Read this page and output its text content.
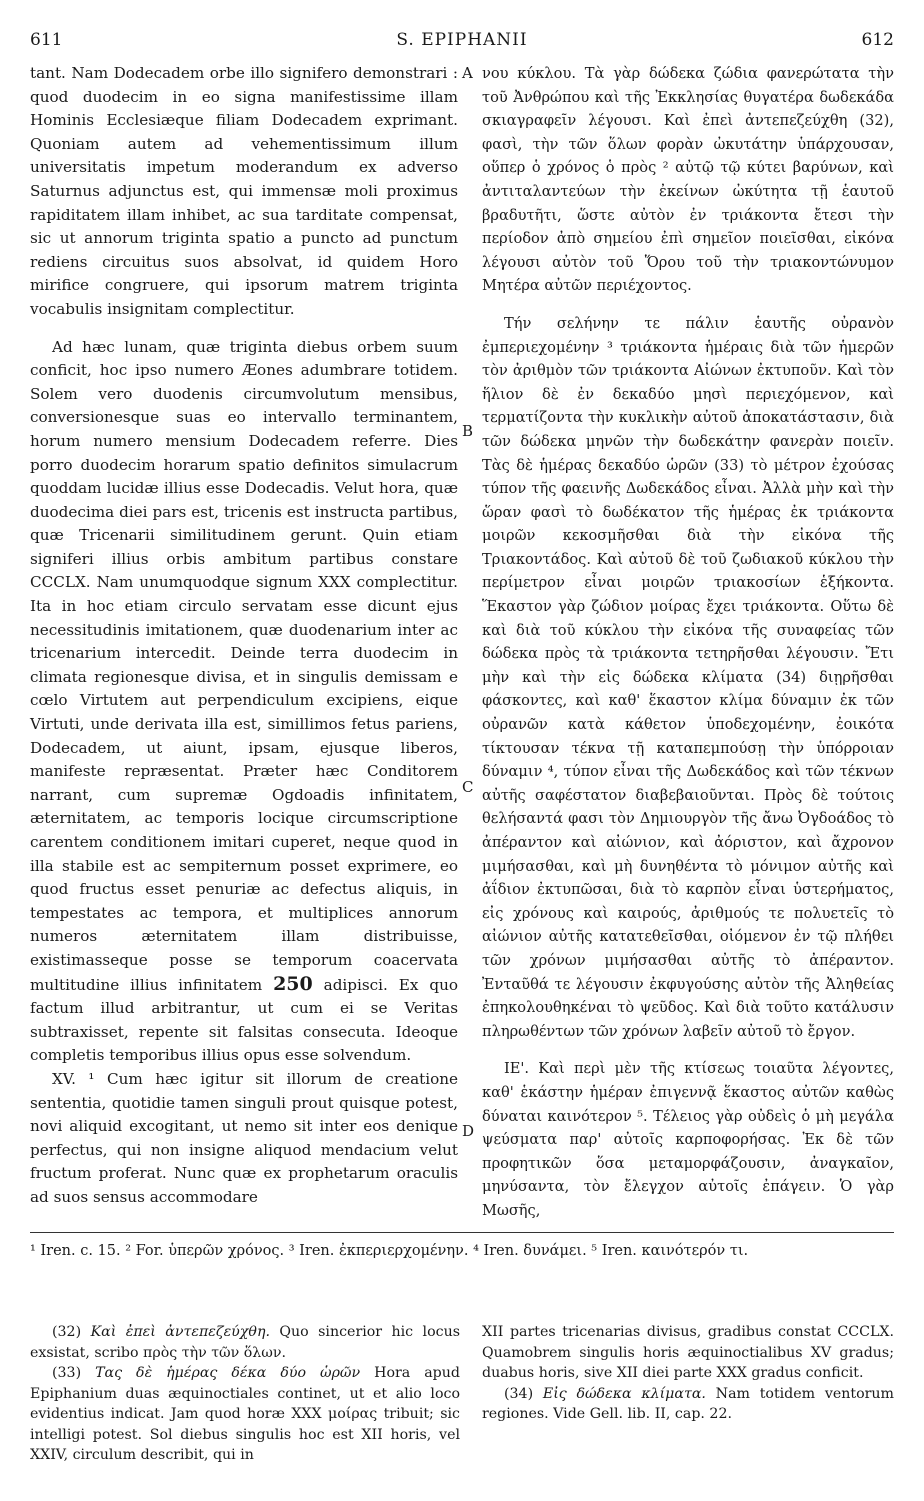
611	S. EPIPHANII	612
A
B
C
D

tant. Nam Dodecadem orbe illo signifero demonstrari : quod duodecim in eo signa manifestissime illam Hominis Ecclesiæque filiam Dodecadem exprimant. Quoniam autem ad vehementissimum illum universitatis impetum moderandum ex adverso Saturnus adjunctus est, qui immensæ moli proximus rapiditatem illam inhibet, ac sua tarditate compensat, sic ut annorum triginta spatio a puncto ad punctum rediens circuitus suos absolvat, id quidem Horo mirifice congruere, qui ipsorum matrem triginta vocabulis insignitam complectitur.

Ad hæc lunam, quæ triginta diebus orbem suum conficit, hoc ipso numero Æones adumbrare totidem. Solem vero duodenis circumvolutum mensibus, conversionesque suas eo intervallo terminantem, horum numero mensium Dodecadem referre. Dies porro duodecim horarum spatio definitos simulacrum quoddam lucidæ illius esse Dodecadis. Velut hora, quæ duodecima diei pars est, tricenis est instructa partibus, quæ Tricenarii similitudinem gerunt. Quin etiam signiferi illius orbis ambitum partibus constare CCCLX. Nam unumquodque signum XXX complectitur. Ita in hoc etiam circulo servatam esse dicunt ejus necessitudinis imitationem, quæ duodenarium inter ac tricenarium intercedit. Deinde terra duodecim in climata regionesque divisa, et in singulis demissam e cœlo Virtutem aut perpendiculum excipiens, eique Virtuti, unde derivata illa est, simillimos fetus pariens, Dodecadem, ut aiunt, ipsam, ejusque liberos, manifeste repræsentat. Præter hæc Conditorem narrant, cum supremæ Ogdoadis infinitatem, æternitatem, ac temporis locique circumscriptione carentem conditionem imitari cuperet, neque quod in illa stabile est ac sempiternum posset exprimere, eo quod fructus esset penuriæ ac defectus aliquis, in tempestates ac tempora, et multiplices annorum numeros æternitatem illam distribuisse, existimasseque posse se temporum coacervata multitudine illius infinitatem 250 adipisci. Ex quo factum illud arbitrantur, ut cum ei se Veritas subtraxisset, repente sit falsitas consecuta. Ideoque completis temporibus illius opus esse solvendum.

XV. ¹ Cum hæc igitur sit illorum de creatione sententia, quotidie tamen singuli prout quisque potest, novi aliquid excogitant, ut nemo sit inter eos denique perfectus, qui non insigne aliquod mendacium velut fructum proferat. Nunc quæ ex prophetarum oraculis ad suos sensus accommodare

νου κύκλου. Τὰ γὰρ δώδεκα ζώδια φανερώτατα τὴν τοῦ Ἀνθρώπου καὶ τῆς Ἐκκλησίας θυγατέρα δωδεκάδα σκιαγραφεῖν λέγουσι. Καὶ ἐπεὶ ἀντεπεζεύχθη (32), φασὶ, τὴν τῶν ὅλων φορὰν ὠκυτάτην ὑπάρχουσαν, οὕπερ ὁ χρόνος ὁ πρὸς ² αὐτῷ τῷ κύτει βαρύνων, καὶ ἀντιταλαντεύων τὴν ἐκείνων ὠκύτητα τῇ ἑαυτοῦ βραδυτῆτι, ὥστε αὐτὸν ἐν τριάκοντα ἔτεσι τὴν περίοδον ἀπὸ σημείου ἐπὶ σημεῖον ποιεῖσθαι, εἰκόνα λέγουσι αὐτὸν τοῦ Ὅρου τοῦ τὴν τριακοντώνυμον Μητέρα αὐτῶν περιέχοντος.

Τήν σελήνην τε πάλιν ἑαυτῆς οὐρανὸν ἐμπεριεχομένην ³ τριάκοντα ἡμέραις διὰ τῶν ἡμερῶν τὸν ἀριθμὸν τῶν τριάκοντα Αἰώνων ἐκτυποῦν. Καὶ τὸν ἥλιον δὲ ἐν δεκαδύο μησὶ περιεχόμενον, καὶ τερματίζοντα τὴν κυκλικὴν αὐτοῦ ἀποκατάστασιν, διὰ τῶν δώδεκα μηνῶν τὴν δωδεκάτην φανερὰν ποιεῖν. Τὰς δὲ ἡμέρας δεκαδύο ὡρῶν (33) τὸ μέτρον ἐχούσας τύπον τῆς φαεινῆς Δωδεκάδος εἶναι. Ἀλλὰ μὴν καὶ τὴν ὥραν φασὶ τὸ δωδέκατον τῆς ἡμέρας ἐκ τριάκοντα μοιρῶν κεκοσμῆσθαι διὰ τὴν εἰκόνα τῆς Τριακοντάδος. Καὶ αὐτοῦ δὲ τοῦ ζωδιακοῦ κύκλου τὴν περίμετρον εἶναι μοιρῶν τριακοσίων ἑξήκοντα. Ἕκαστον γὰρ ζώδιον μοίρας ἔχει τριάκοντα. Οὕτω δὲ καὶ διὰ τοῦ κύκλου τὴν εἰκόνα τῆς συναφείας τῶν δώδεκα πρὸς τὰ τριάκοντα τετηρῆσθαι λέγουσιν. Ἔτι μὴν καὶ τὴν εἰς δώδεκα κλίματα (34) διῃρῆσθαι φάσκοντες, καὶ καθ' ἕκαστον κλίμα δύναμιν ἐκ τῶν οὐρανῶν κατὰ κάθετον ὑποδεχομένην, ἐοικότα τίκτουσαν τέκνα τῇ καταπεμπούσῃ τὴν ὑπόρροιαν δύναμιν ⁴, τύπον εἶναι τῆς Δωδεκάδος καὶ τῶν τέκνων αὐτῆς σαφέστατον διαβεβαιοῦνται. Πρὸς δὲ τούτοις θελήσαντά φασι τὸν Δημιουργὸν τῆς ἄνω Ὀγδοάδος τὸ ἀπέραντον καὶ αἰώνιον, καὶ ἀόριστον, καὶ ἄχρονον μιμήσασθαι, καὶ μὴ δυνηθέντα τὸ μόνιμον αὐτῆς καὶ ἀΐδιον ἐκτυπῶσαι, διὰ τὸ καρπὸν εἶναι ὑστερήματος, εἰς χρόνους καὶ καιρούς, ἀριθμούς τε πολυετεῖς τὸ αἰώνιον αὐτῆς κατατεθεῖσθαι, οἰόμενον ἐν τῷ πλήθει τῶν χρόνων μιμήσασθαι αὐτῆς τὸ ἀπέραντον. Ἐνταῦθά τε λέγουσιν ἐκφυγούσης αὐτὸν τῆς Ἀληθείας ἐπηκολουθηκέναι τὸ ψεῦδος. Καὶ διὰ τοῦτο κατάλυσιν πληρωθέντων τῶν χρόνων λαβεῖν αὐτοῦ τὸ ἔργον.

ΙΕ'. Καὶ περὶ μὲν τῆς κτίσεως τοιαῦτα λέγοντες, καθ' ἑκάστην ἡμέραν ἐπιγεννᾷ ἕκαστος αὐτῶν καθὼς δύναται καινότερον ⁵. Τέλειος γὰρ οὐδεὶς ὁ μὴ μεγάλα ψεύσματα παρ' αὐτοῖς καρποφορήσας. Ἐκ δὲ τῶν προφητικῶν ὅσα μεταμορφάζουσιν, ἀναγκαῖον, μηνύσαντα, τὸν ἔλεγχον αὐτοῖς ἐπάγειν. Ὁ γὰρ Μωσῆς,

¹ Iren. c. 15. ² For. ὑπερῶν χρόνος. ³ Iren. ἐκπεριερχομένην. ⁴ Iren. δυνάμει. ⁵ Iren. καινότερόν τι.

(32) Καὶ ἐπεὶ ἀντεπεζεύχθη. Quo sincerior hic locus exsistat, scribo πρὸς τὴν τῶν ὅλων.

(33) Τας δὲ ἡμέρας δέκα δύο ὡρῶν Hora apud Epiphanium duas æquinoctiales continet, ut et alio loco evidentius indicat. Jam quod horæ XXX μοίρας tribuit; sic intelligi potest. Sol diebus singulis hoc est XII horis, vel XXIV, circulum describit, qui in

XII partes tricenarias divisus, gradibus constat CCCLX. Quamobrem singulis horis æquinoctialibus XV gradus; duabus horis, sive XII diei parte XXX gradus conficit.

(34) Εἰς δώδεκα κλίματα. Nam totidem ventorum regiones. Vide Gell. lib. II, cap. 22.
